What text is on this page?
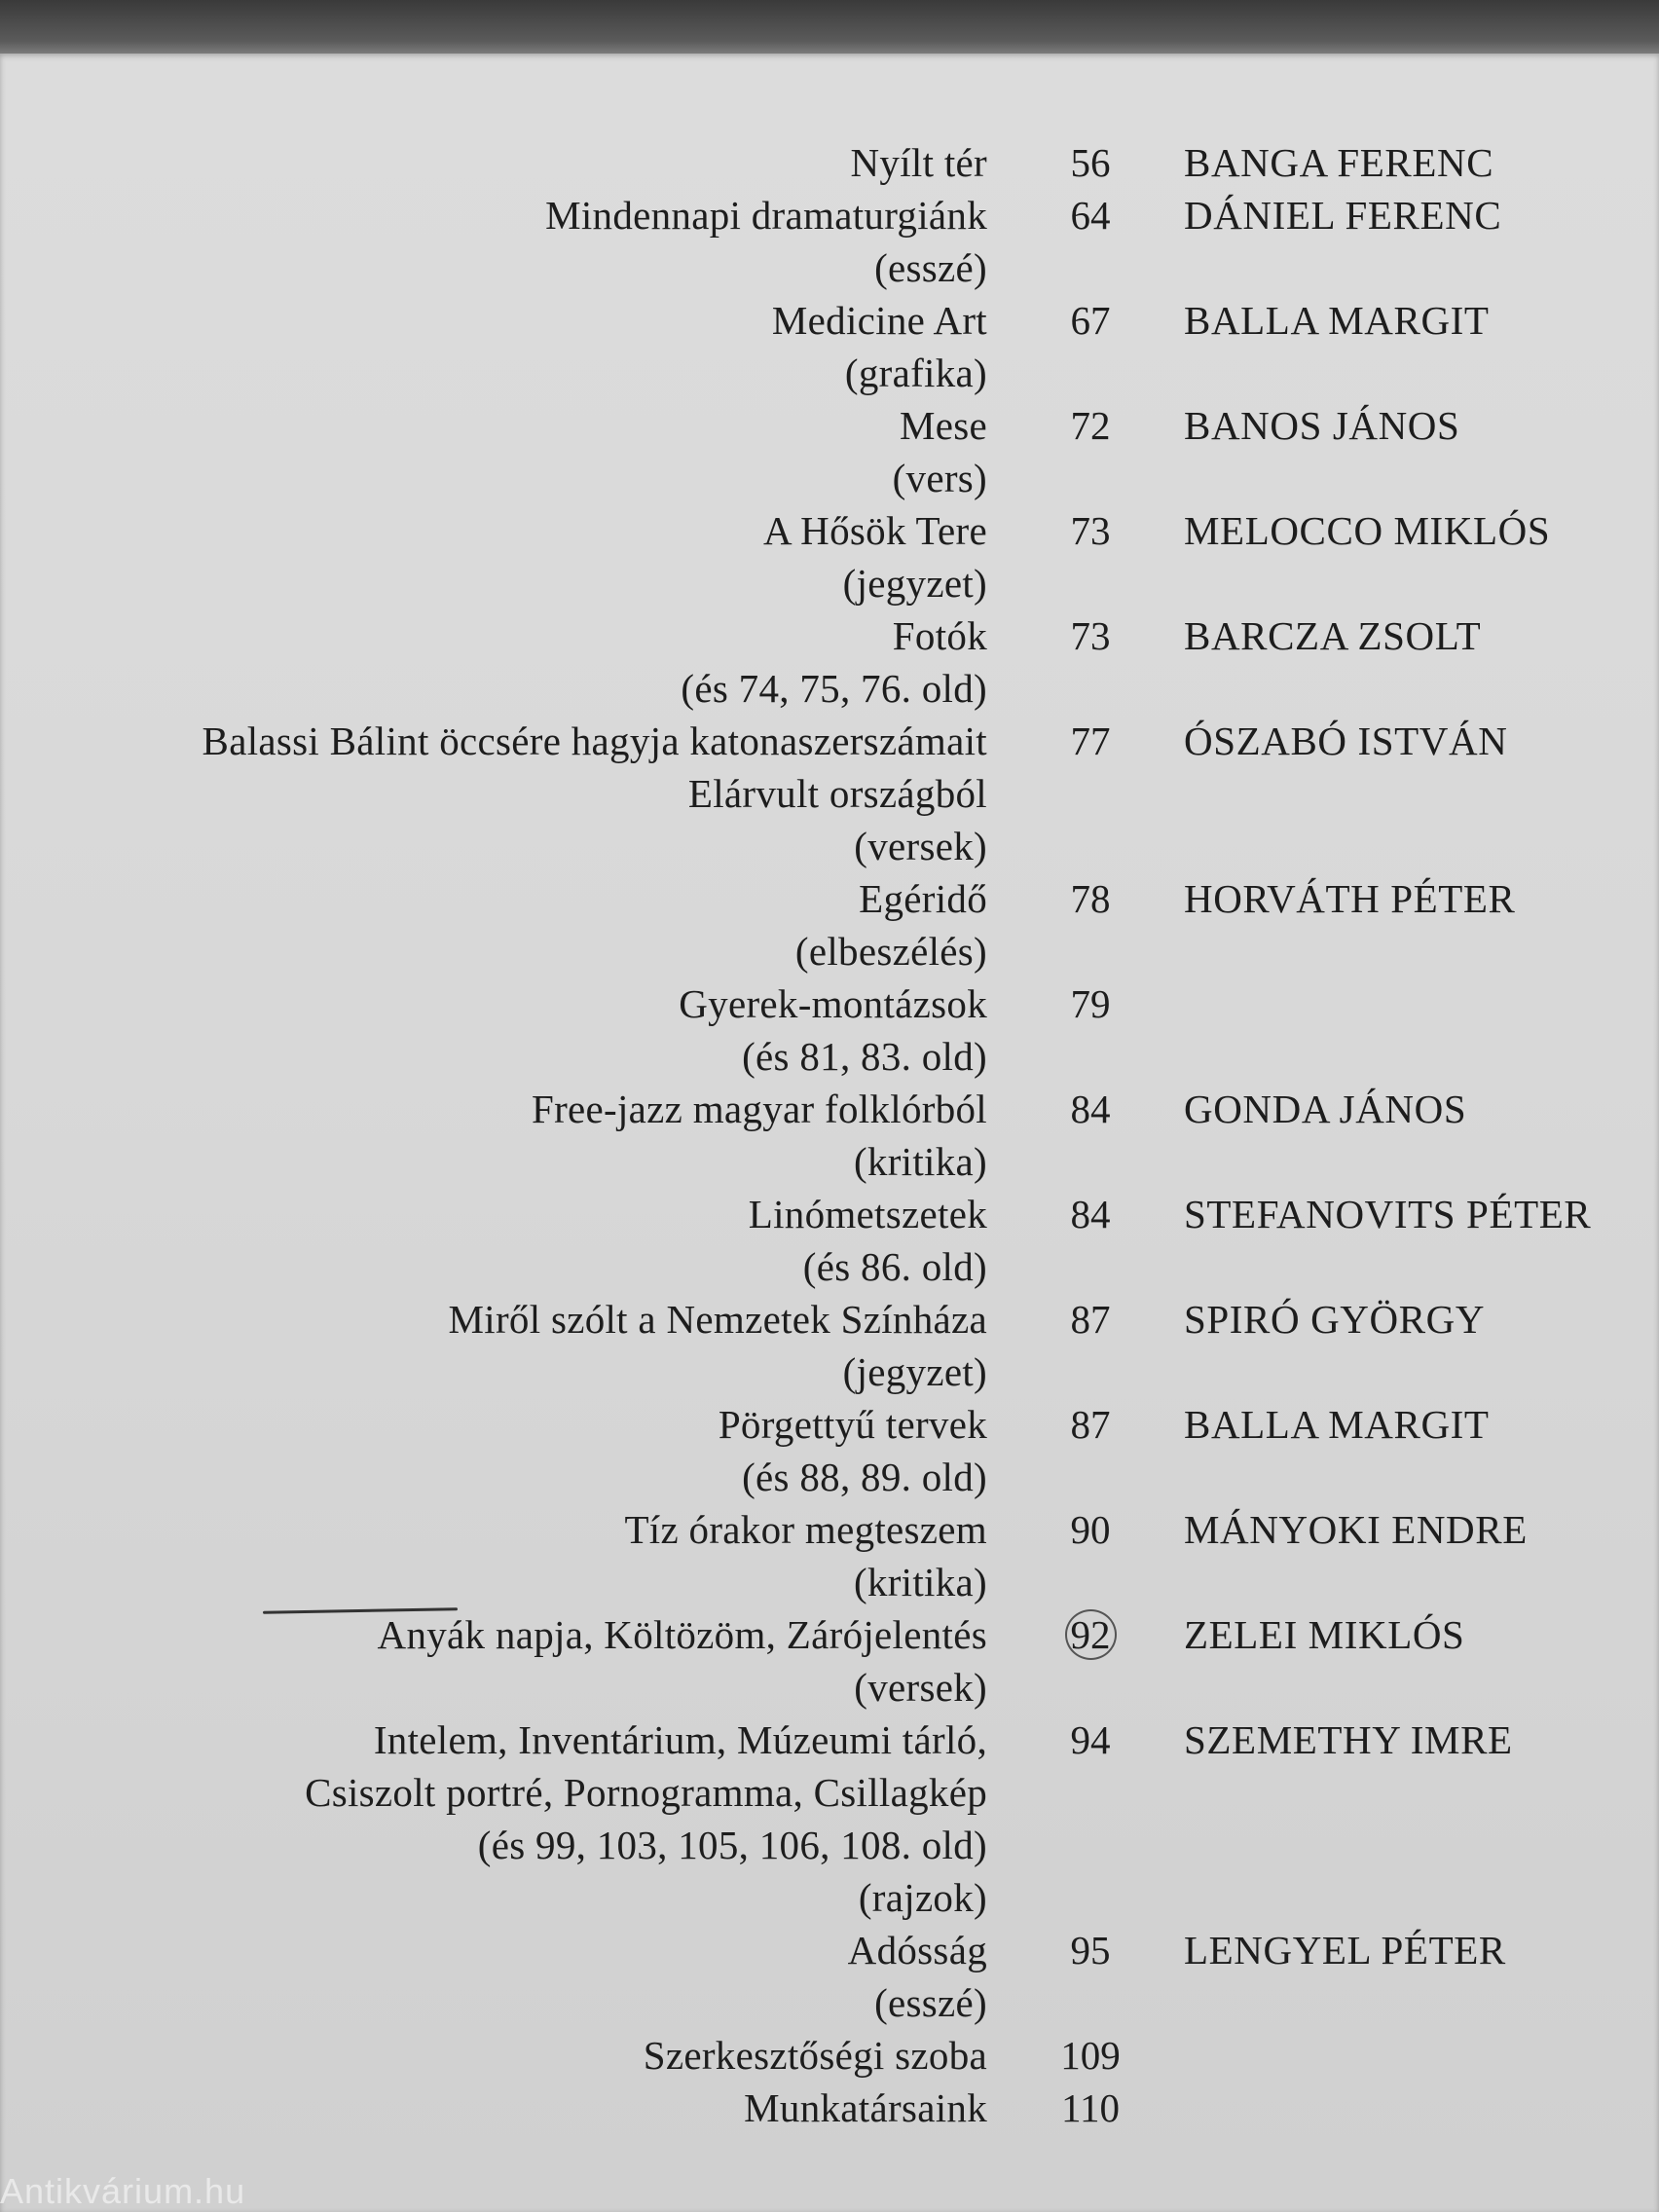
Nyílt tér	56	BANGA FERENC
Mindennapi dramaturgiánk	64	DÁNIEL FERENC
(esszé)
Medicine Art	67	BALLA MARGIT
(grafika)
Mese	72	BANOS JÁNOS
(vers)
A Hősök Tere	73	MELOCCO MIKLÓS
(jegyzet)
Fotók	73	BARCZA ZSOLT
(és 74, 75, 76. old)
Balassi Bálint öccsére hagyja katonaszerszámait	77	ÓSZABÓ ISTVÁN
Elárvult országból
(versek)
Egéridő	78	HORVÁTH PÉTER
(elbeszélés)
Gyerek-montázsok	79
(és 81, 83. old)
Free-jazz magyar folklórból	84	GONDA JÁNOS
(kritika)
Linómetszetek	84	STEFANOVITS PÉTER
(és 86. old)
Miről szólt a Nemzetek Színháza	87	SPIRÓ GYÖRGY
(jegyzet)
Pörgettyű tervek	87	BALLA MARGIT
(és 88, 89. old)
Tíz órakor megteszem	90	MÁNYOKI ENDRE
(kritika)
Anyák napja, Költözöm, Zárójelentés	92	ZELEI MIKLÓS
(versek)
Intelem, Inventárium, Múzeumi tárló,	94	SZEMETHY IMRE
Csiszolt portré, Pornogramma, Csillagkép
(és 99, 103, 105, 106, 108. old)
(rajzok)
Adósság	95	LENGYEL PÉTER
(esszé)
Szerkesztőségi szoba 109
Munkatársaink 110
Antikvárium.hu
